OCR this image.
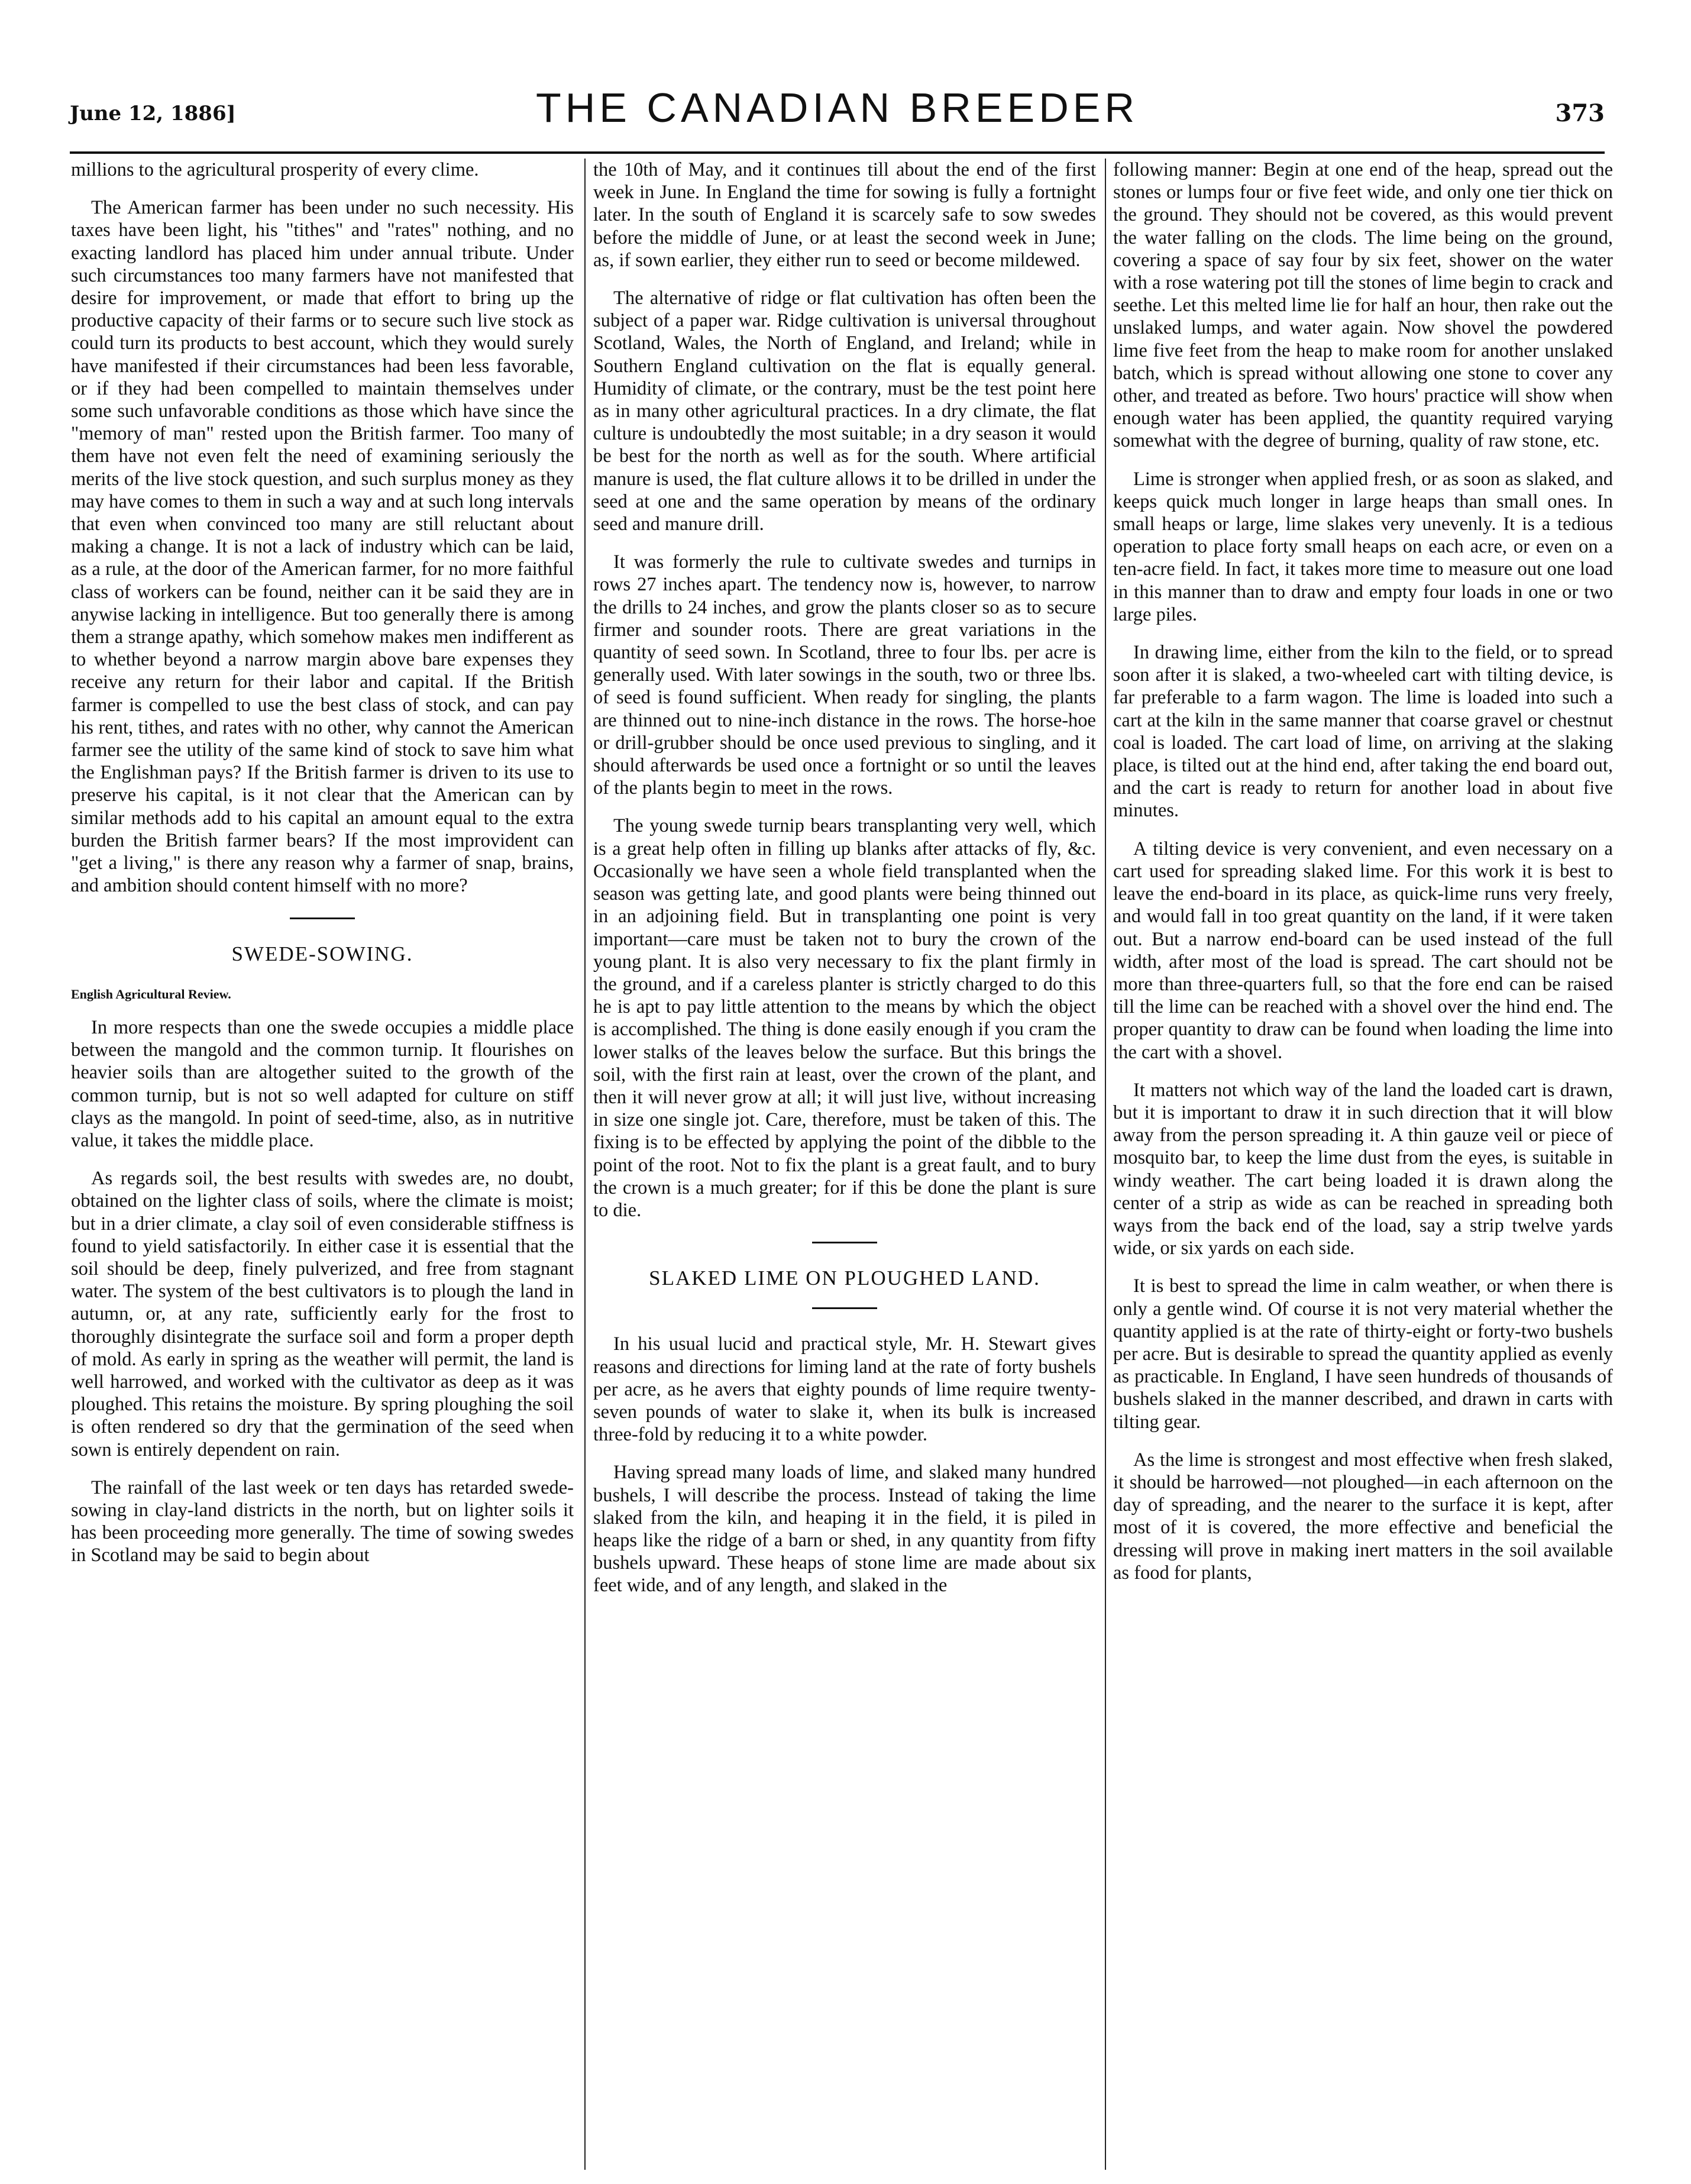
June 12, 1886]	THE CANADIAN BREEDER	373

millions to the agricultural prosperity of every clime.

The American farmer has been under no such necessity. His taxes have been light, his "tithes" and "rates" nothing, and no exacting landlord has placed him under annual tribute. Under such circumstances too many farmers have not manifested that desire for improvement, or made that effort to bring up the productive capacity of their farms or to secure such live stock as could turn its products to best account, which they would surely have manifested if their circumstances had been less favorable, or if they had been compelled to maintain themselves under some such unfavorable conditions as those which have since the "memory of man" rested upon the British farmer. Too many of them have not even felt the need of examining seriously the merits of the live stock question, and such surplus money as they may have comes to them in such a way and at such long intervals that even when convinced too many are still reluctant about making a change. It is not a lack of industry which can be laid, as a rule, at the door of the American farmer, for no more faithful class of workers can be found, neither can it be said they are in anywise lacking in intelligence. But too generally there is among them a strange apathy, which somehow makes men indifferent as to whether beyond a narrow margin above bare expenses they receive any return for their labor and capital. If the British farmer is compelled to use the best class of stock, and can pay his rent, tithes, and rates with no other, why cannot the American farmer see the utility of the same kind of stock to save him what the Englishman pays? If the British farmer is driven to its use to preserve his capital, is it not clear that the American can by similar methods add to his capital an amount equal to the extra burden the British farmer bears? If the most improvident can "get a living," is there any reason why a farmer of snap, brains, and ambition should content himself with no more?

SWEDE-SOWING.
English Agricultural Review.

In more respects than one the swede occupies a middle place between the mangold and the common turnip. It flourishes on heavier soils than are altogether suited to the growth of the common turnip, but is not so well adapted for culture on stiff clays as the mangold. In point of seed-time, also, as in nutritive value, it takes the middle place.

As regards soil, the best results with swedes are, no doubt, obtained on the lighter class of soils, where the climate is moist; but in a drier climate, a clay soil of even considerable stiffness is found to yield satisfactorily. In either case it is essential that the soil should be deep, finely pulverized, and free from stagnant water. The system of the best cultivators is to plough the land in autumn, or, at any rate, sufficiently early for the frost to thoroughly disintegrate the surface soil and form a proper depth of mold. As early in spring as the weather will permit, the land is well harrowed, and worked with the cultivator as deep as it was ploughed. This retains the moisture. By spring ploughing the soil is often rendered so dry that the germination of the seed when sown is entirely dependent on rain.

The rainfall of the last week or ten days has retarded swede-sowing in clay-land districts in the north, but on lighter soils it has been proceeding more generally. The time of sowing swedes in Scotland may be said to begin about

the 10th of May, and it continues till about the end of the first week in June. In England the time for sowing is fully a fortnight later. In the south of England it is scarcely safe to sow swedes before the middle of June, or at least the second week in June; as, if sown earlier, they either run to seed or become mildewed.

The alternative of ridge or flat cultivation has often been the subject of a paper war. Ridge cultivation is universal throughout Scotland, Wales, the North of England, and Ireland; while in Southern England cultivation on the flat is equally general. Humidity of climate, or the contrary, must be the test point here as in many other agricultural practices. In a dry climate, the flat culture is undoubtedly the most suitable; in a dry season it would be best for the north as well as for the south. Where artificial manure is used, the flat culture allows it to be drilled in under the seed at one and the same operation by means of the ordinary seed and manure drill.

It was formerly the rule to cultivate swedes and turnips in rows 27 inches apart. The tendency now is, however, to narrow the drills to 24 inches, and grow the plants closer so as to secure firmer and sounder roots. There are great variations in the quantity of seed sown. In Scotland, three to four lbs. per acre is generally used. With later sowings in the south, two or three lbs. of seed is found sufficient. When ready for singling, the plants are thinned out to nine-inch distance in the rows. The horse-hoe or drill-grubber should be once used previous to singling, and it should afterwards be used once a fortnight or so until the leaves of the plants begin to meet in the rows.

The young swede turnip bears transplanting very well, which is a great help often in filling up blanks after attacks of fly, &c. Occasionally we have seen a whole field transplanted when the season was getting late, and good plants were being thinned out in an adjoining field. But in transplanting one point is very important—care must be taken not to bury the crown of the young plant. It is also very necessary to fix the plant firmly in the ground, and if a careless planter is strictly charged to do this he is apt to pay little attention to the means by which the object is accomplished. The thing is done easily enough if you cram the lower stalks of the leaves below the surface. But this brings the soil, with the first rain at least, over the crown of the plant, and then it will never grow at all; it will just live, without increasing in size one single jot. Care, therefore, must be taken of this. The fixing is to be effected by applying the point of the dibble to the point of the root. Not to fix the plant is a great fault, and to bury the crown is a much greater; for if this be done the plant is sure to die.

SLAKED LIME ON PLOUGHED LAND.

In his usual lucid and practical style, Mr. H. Stewart gives reasons and directions for liming land at the rate of forty bushels per acre, as he avers that eighty pounds of lime require twenty-seven pounds of water to slake it, when its bulk is increased three-fold by reducing it to a white powder.

Having spread many loads of lime, and slaked many hundred bushels, I will describe the process. Instead of taking the lime slaked from the kiln, and heaping it in the field, it is piled in heaps like the ridge of a barn or shed, in any quantity from fifty bushels upward. These heaps of stone lime are made about six feet wide, and of any length, and slaked in the

following manner: Begin at one end of the heap, spread out the stones or lumps four or five feet wide, and only one tier thick on the ground. They should not be covered, as this would prevent the water falling on the clods. The lime being on the ground, covering a space of say four by six feet, shower on the water with a rose watering pot till the stones of lime begin to crack and seethe. Let this melted lime lie for half an hour, then rake out the unslaked lumps, and water again. Now shovel the powdered lime five feet from the heap to make room for another unslaked batch, which is spread without allowing one stone to cover any other, and treated as before. Two hours' practice will show when enough water has been applied, the quantity required varying somewhat with the degree of burning, quality of raw stone, etc.

Lime is stronger when applied fresh, or as soon as slaked, and keeps quick much longer in large heaps than small ones. In small heaps or large, lime slakes very unevenly. It is a tedious operation to place forty small heaps on each acre, or even on a ten-acre field. In fact, it takes more time to measure out one load in this manner than to draw and empty four loads in one or two large piles.

In drawing lime, either from the kiln to the field, or to spread soon after it is slaked, a two-wheeled cart with tilting device, is far preferable to a farm wagon. The lime is loaded into such a cart at the kiln in the same manner that coarse gravel or chestnut coal is loaded. The cart load of lime, on arriving at the slaking place, is tilted out at the hind end, after taking the end board out, and the cart is ready to return for another load in about five minutes.

A tilting device is very convenient, and even necessary on a cart used for spreading slaked lime. For this work it is best to leave the end-board in its place, as quick-lime runs very freely, and would fall in too great quantity on the land, if it were taken out. But a narrow end-board can be used instead of the full width, after most of the load is spread. The cart should not be more than three-quarters full, so that the fore end can be raised till the lime can be reached with a shovel over the hind end. The proper quantity to draw can be found when loading the lime into the cart with a shovel.

It matters not which way of the land the loaded cart is drawn, but it is important to draw it in such direction that it will blow away from the person spreading it. A thin gauze veil or piece of mosquito bar, to keep the lime dust from the eyes, is suitable in windy weather. The cart being loaded it is drawn along the center of a strip as wide as can be reached in spreading both ways from the back end of the load, say a strip twelve yards wide, or six yards on each side.

It is best to spread the lime in calm weather, or when there is only a gentle wind. Of course it is not very material whether the quantity applied is at the rate of thirty-eight or forty-two bushels per acre. But is desirable to spread the quantity applied as evenly as practicable. In England, I have seen hundreds of thousands of bushels slaked in the manner described, and drawn in carts with tilting gear.

As the lime is strongest and most effective when fresh slaked, it should be harrowed—not ploughed—in each afternoon on the day of spreading, and the nearer to the surface it is kept, after most of it is covered, the more effective and beneficial the dressing will prove in making inert matters in the soil available as food for plants,
